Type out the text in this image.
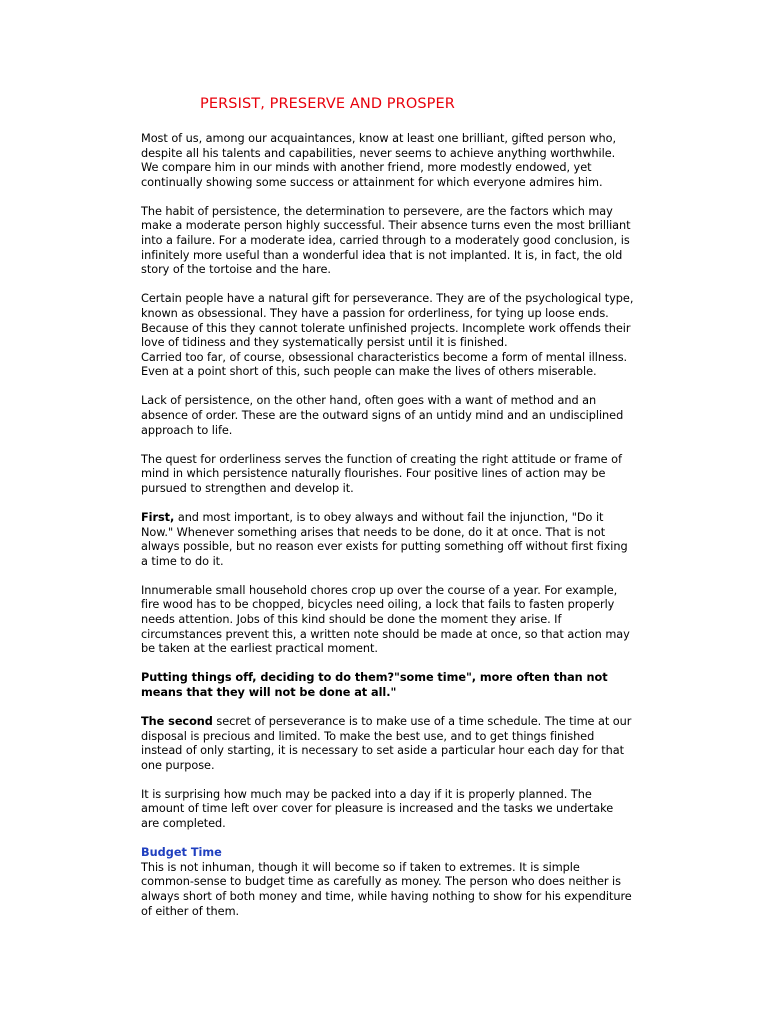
PERSIST, PRESERVE AND PROSPER

Most of us, among our acquaintances, know at least one brilliant, gifted person who,
despite all his talents and capabilities, never seems to achieve anything worthwhile.
We compare him in our minds with another friend, more modestly endowed, yet
continually showing some success or attainment for which everyone admires him.

The habit of persistence, the determination to persevere, are the factors which may
make a moderate person highly successful. Their absence turns even the most brilliant
into a failure. For a moderate idea, carried through to a moderately good conclusion, is
infinitely more useful than a wonderful idea that is not implanted. It is, in fact, the old
story of the tortoise and the hare.

Certain people have a natural gift for perseverance. They are of the psychological type,
known as obsessional. They have a passion for orderliness, for tying up loose ends.
Because of this they cannot tolerate unfinished projects. Incomplete work offends their
love of tidiness and they systematically persist until it is finished.
Carried too far, of course, obsessional characteristics become a form of mental illness.
Even at a point short of this, such people can make the lives of others miserable.

Lack of persistence, on the other hand, often goes with a want of method and an
absence of order. These are the outward signs of an untidy mind and an undisciplined
approach to life.

The quest for orderliness serves the function of creating the right attitude or frame of
mind in which persistence naturally flourishes. Four positive lines of action may be
pursued to strengthen and develop it.

First, and most important, is to obey always and without fail the injunction, "Do it
Now." Whenever something arises that needs to be done, do it at once. That is not
always possible, but no reason ever exists for putting something off without first fixing
a time to do it.

Innumerable small household chores crop up over the course of a year. For example,
fire wood has to be chopped, bicycles need oiling, a lock that fails to fasten properly
needs attention. Jobs of this kind should be done the moment they arise. If
circumstances prevent this, a written note should be made at once, so that action may
be taken at the earliest practical moment.

Putting things off, deciding to do them?"some time", more often than not
means that they will not be done at all."

The second secret of perseverance is to make use of a time schedule. The time at our
disposal is precious and limited. To make the best use, and to get things finished
instead of only starting, it is necessary to set aside a particular hour each day for that
one purpose.

It is surprising how much may be packed into a day if it is properly planned. The
amount of time left over cover for pleasure is increased and the tasks we undertake
are completed.

Budget Time

This is not inhuman, though it will become so if taken to extremes. It is simple
common-sense to budget time as carefully as money. The person who does neither is
always short of both money and time, while having nothing to show for his expenditure
of either of them.
